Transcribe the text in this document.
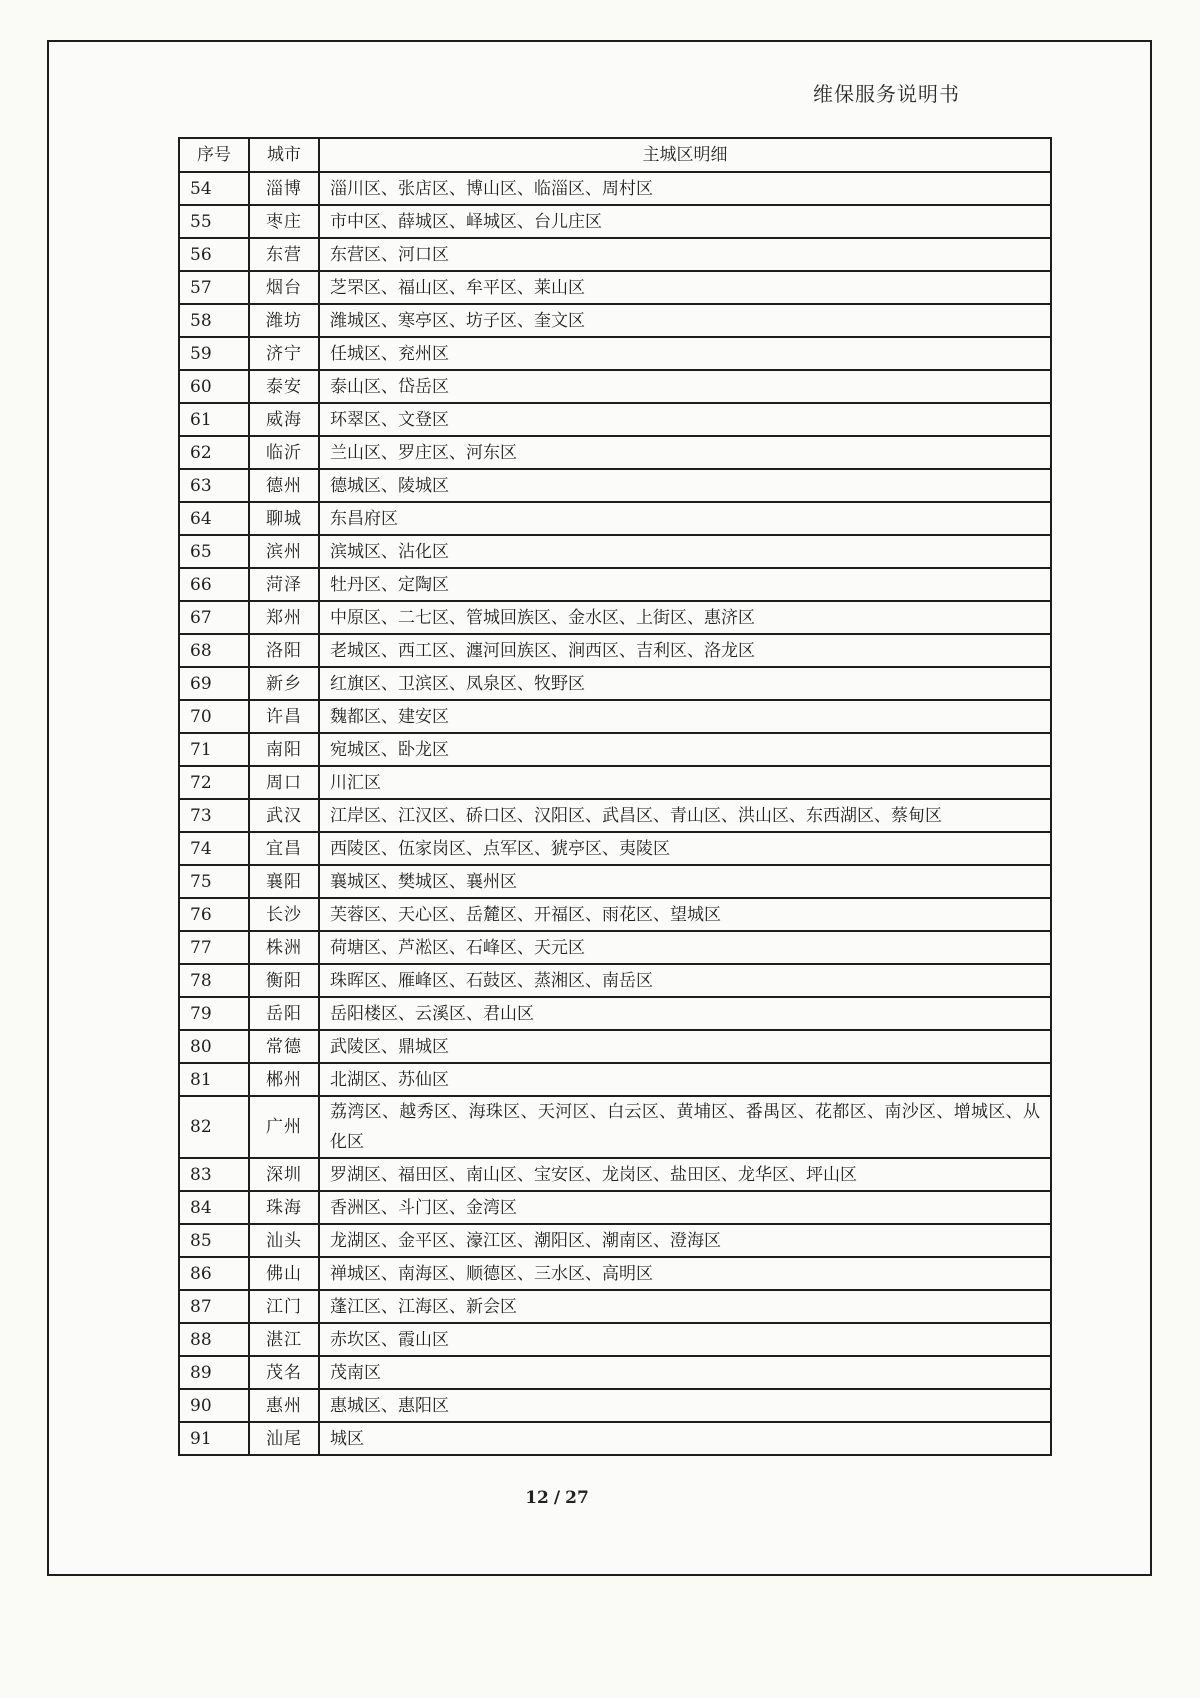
维保服务说明书
序号	城市	主城区明细
54	淄博	淄川区、张店区、博山区、临淄区、周村区
55	枣庄	市中区、薛城区、峄城区、台儿庄区
56	东营	东营区、河口区
57	烟台	芝罘区、福山区、牟平区、莱山区
58	潍坊	潍城区、寒亭区、坊子区、奎文区
59	济宁	任城区、兖州区
60	泰安	泰山区、岱岳区
61	威海	环翠区、文登区
62	临沂	兰山区、罗庄区、河东区
63	德州	德城区、陵城区
64	聊城	东昌府区
65	滨州	滨城区、沾化区
66	菏泽	牡丹区、定陶区
67	郑州	中原区、二七区、管城回族区、金水区、上街区、惠济区
68	洛阳	老城区、西工区、瀍河回族区、涧西区、吉利区、洛龙区
69	新乡	红旗区、卫滨区、凤泉区、牧野区
70	许昌	魏都区、建安区
71	南阳	宛城区、卧龙区
72	周口	川汇区
73	武汉	江岸区、江汉区、硚口区、汉阳区、武昌区、青山区、洪山区、东西湖区、蔡甸区
74	宜昌	西陵区、伍家岗区、点军区、猇亭区、夷陵区
75	襄阳	襄城区、樊城区、襄州区
76	长沙	芙蓉区、天心区、岳麓区、开福区、雨花区、望城区
77	株洲	荷塘区、芦淞区、石峰区、天元区
78	衡阳	珠晖区、雁峰区、石鼓区、蒸湘区、南岳区
79	岳阳	岳阳楼区、云溪区、君山区
80	常德	武陵区、鼎城区
81	郴州	北湖区、苏仙区
82	广州	荔湾区、越秀区、海珠区、天河区、白云区、黄埔区、番禺区、花都区、南沙区、增城区、从化区
83	深圳	罗湖区、福田区、南山区、宝安区、龙岗区、盐田区、龙华区、坪山区
84	珠海	香洲区、斗门区、金湾区
85	汕头	龙湖区、金平区、濠江区、潮阳区、潮南区、澄海区
86	佛山	禅城区、南海区、顺德区、三水区、高明区
87	江门	蓬江区、江海区、新会区
88	湛江	赤坎区、霞山区
89	茂名	茂南区
90	惠州	惠城区、惠阳区
91	汕尾	城区
12 / 27
